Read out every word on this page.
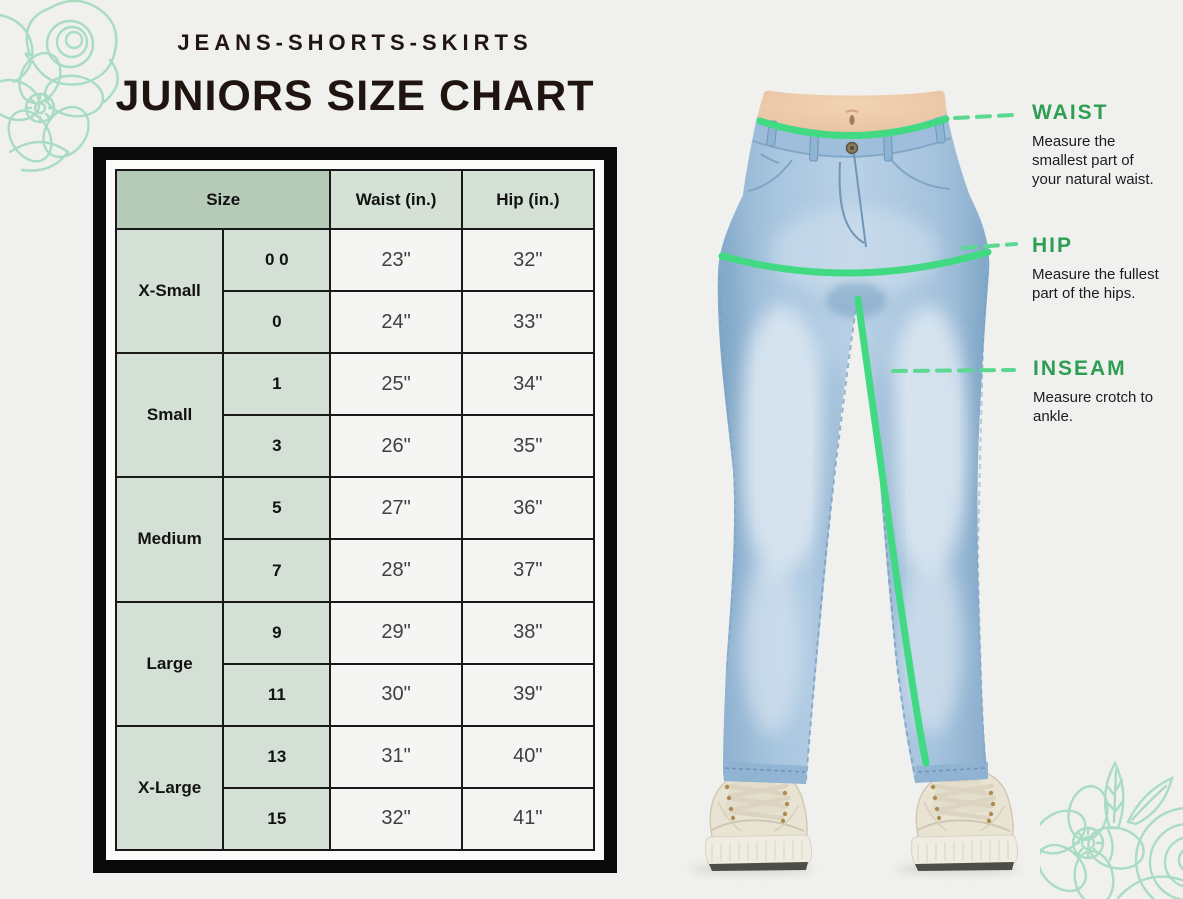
JEANS-SHORTS-SKIRTS
JUNIORS SIZE CHART
Size		Waist (in.)	Hip (in.)
X-Small	0 0	23"	32"
	0	24"	33"
Small	1	25"	34"
	3	26"	35"
Medium	5	27"	36"
	7	28"	37"
Large	9	29"	38"
	11	30"	39"
X-Large	13	31"	40"
	15	32"	41"
WAIST
Measure the smallest part of your natural waist.
HIP
Measure the fullest part of the hips.
INSEAM
Measure crotch to ankle.
